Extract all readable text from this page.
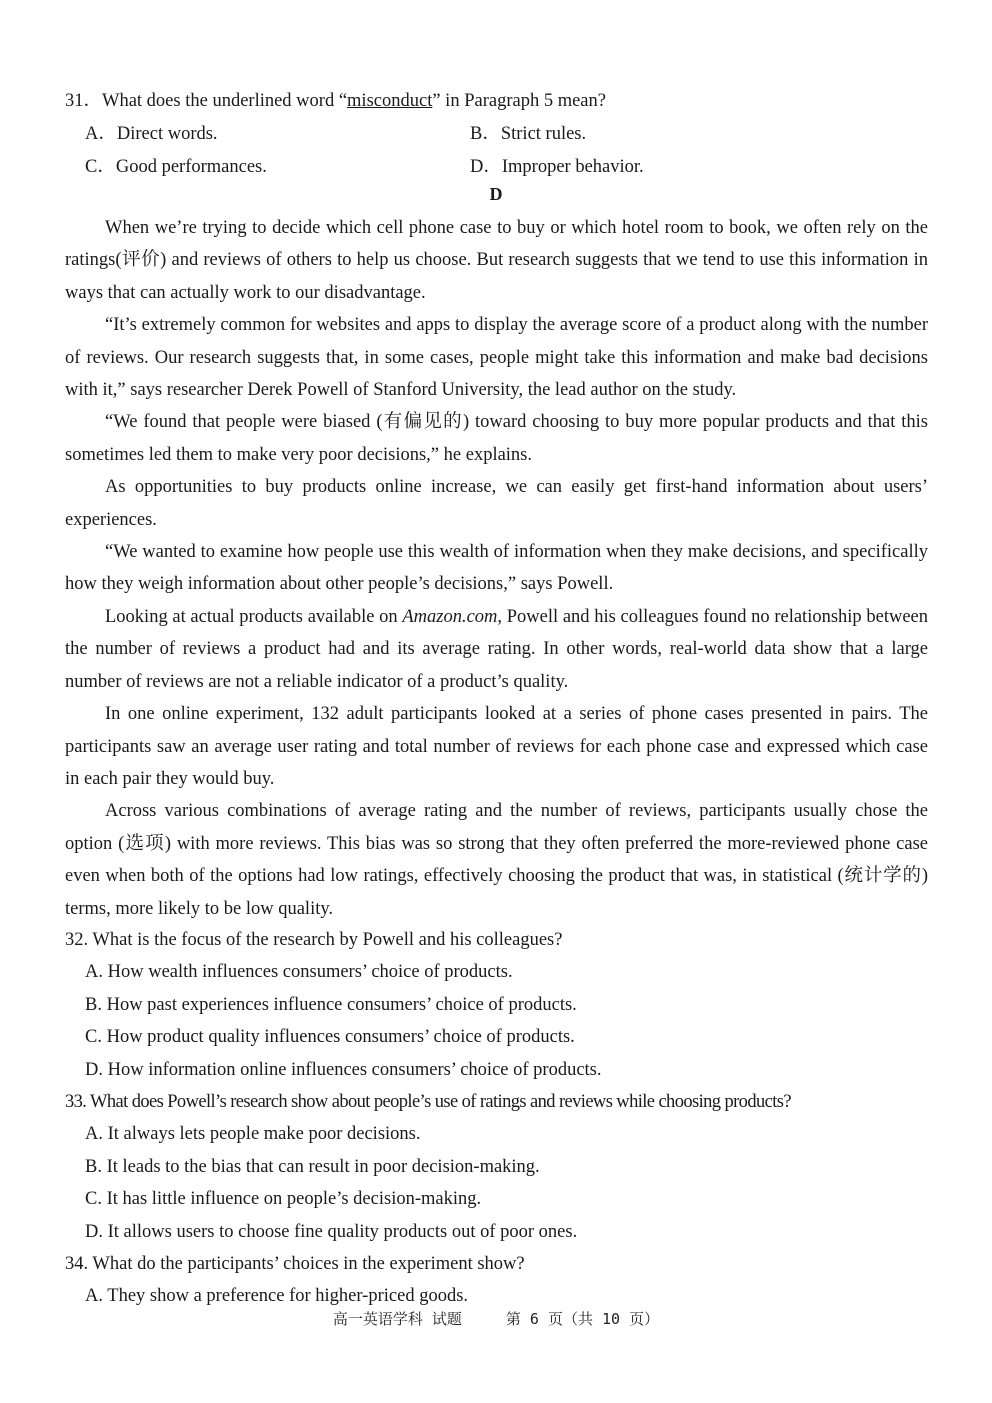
31．What does the underlined word “misconduct” in Paragraph 5 mean?
A．Direct words.	B．Strict rules.
C．Good performances.	D．Improper behavior.
D

When we’re trying to decide which cell phone case to buy or which hotel room to book, we often rely on the ratings(评价) and reviews of others to help us choose. But research suggests that we tend to use this information in ways that can actually work to our disadvantage.

“It’s extremely common for websites and apps to display the average score of a product along with the number of reviews. Our research suggests that, in some cases, people might take this information and make bad decisions with it,” says researcher Derek Powell of Stanford University, the lead author on the study.

“We found that people were biased (有偏见的) toward choosing to buy more popular products and that this sometimes led them to make very poor decisions,” he explains.

As opportunities to buy products online increase, we can easily get first-hand information about users’ experiences.

“We wanted to examine how people use this wealth of information when they make decisions, and specifically how they weigh information about other people’s decisions,” says Powell.

Looking at actual products available on Amazon.com, Powell and his colleagues found no relationship between the number of reviews a product had and its average rating. In other words, real-world data show that a large number of reviews are not a reliable indicator of a product’s quality.

In one online experiment, 132 adult participants looked at a series of phone cases presented in pairs. The participants saw an average user rating and total number of reviews for each phone case and expressed which case in each pair they would buy.

Across various combinations of average rating and the number of reviews, participants usually chose the option (选项) with more reviews. This bias was so strong that they often preferred the more-reviewed phone case even when both of the options had low ratings, effectively choosing the product that was, in statistical (统计学的) terms, more likely to be low quality.

32. What is the focus of the research by Powell and his colleagues?
A. How wealth influences consumers’ choice of products.
B. How past experiences influence consumers’ choice of products.
C. How product quality influences consumers’ choice of products.
D. How information online influences consumers’ choice of products.
33. What does Powell’s research show about people’s use of ratings and reviews while choosing products?
A. It always lets people make poor decisions.
B. It leads to the bias that can result in poor decision-making.
C. It has little influence on people’s decision-making.
D. It allows users to choose fine quality products out of poor ones.
34. What do the participants’ choices in the experiment show?
A. They show a preference for higher-priced goods.
高一英语学科 试题	第 6 页（共 10 页）
